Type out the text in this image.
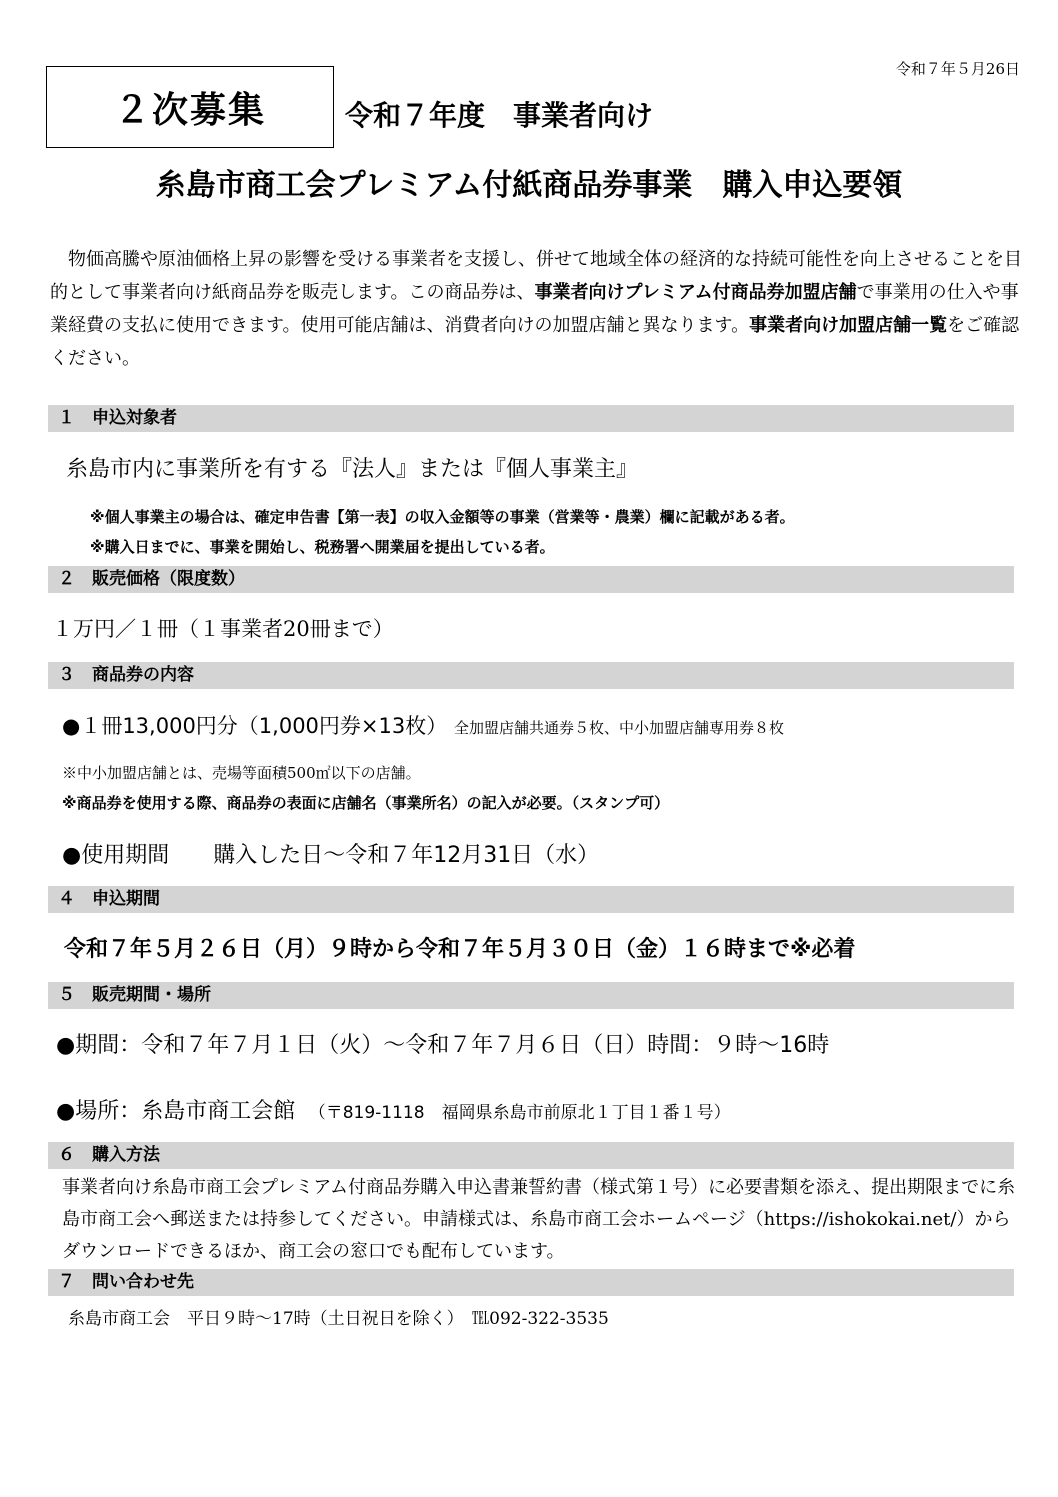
令和７年５月26日
２次募集	令和７年度　事業者向け
糸島市商工会プレミアム付紙商品券事業　購入申込要領
物価高騰や原油価格上昇の影響を受ける事業者を支援し、併せて地域全体の経済的な持続可能性を向上させることを目的として事業者向け紙商品券を販売します。この商品券は、事業者向けプレミアム付商品券加盟店舗で事業用の仕入や事業経費の支払に使用できます。使用可能店舗は、消費者向けの加盟店舗と異なります。事業者向け加盟店舗一覧をご確認ください。
１　申込対象者
糸島市内に事業所を有する『法人』または『個人事業主』
※個人事業主の場合は、確定申告書【第一表】の収入金額等の事業（営業等・農業）欄に記載がある者。
※購入日までに、事業を開始し、税務署へ開業届を提出している者。
２　販売価格（限度数）
１万円／１冊（１事業者20冊まで）
３　商品券の内容
●１冊13,000円分（1,000円券×13枚） 全加盟店舗共通券５枚、中小加盟店舗専用券８枚
※中小加盟店舗とは、売場等面積500㎡以下の店舗。
※商品券を使用する際、商品券の表面に店舗名（事業所名）の記入が必要。（スタンプ可）
●使用期間　　購入した日～令和７年12月31日（水）
４　申込期間
令和７年５月２６日（月）９時から令和７年５月３０日（金）１６時まで※必着
５　販売期間・場所
●期間：令和７年７月１日（火）～令和７年７月６日（日）時間：９時～16時
●場所：糸島市商工会館　 （〒819-1118　福岡県糸島市前原北１丁目１番１号）
６　購入方法
事業者向け糸島市商工会プレミアム付商品券購入申込書兼誓約書（様式第１号）に必要書類を添え、提出期限までに糸島市商工会へ郵送または持参してください。申請様式は、糸島市商工会ホームページ（https://ishokokai.net/）からダウンロードできるほか、商工会の窓口でも配布しています。
７　問い合わせ先
糸島市商工会　平日９時～17時（土日祝日を除く）　℡092-322-3535
